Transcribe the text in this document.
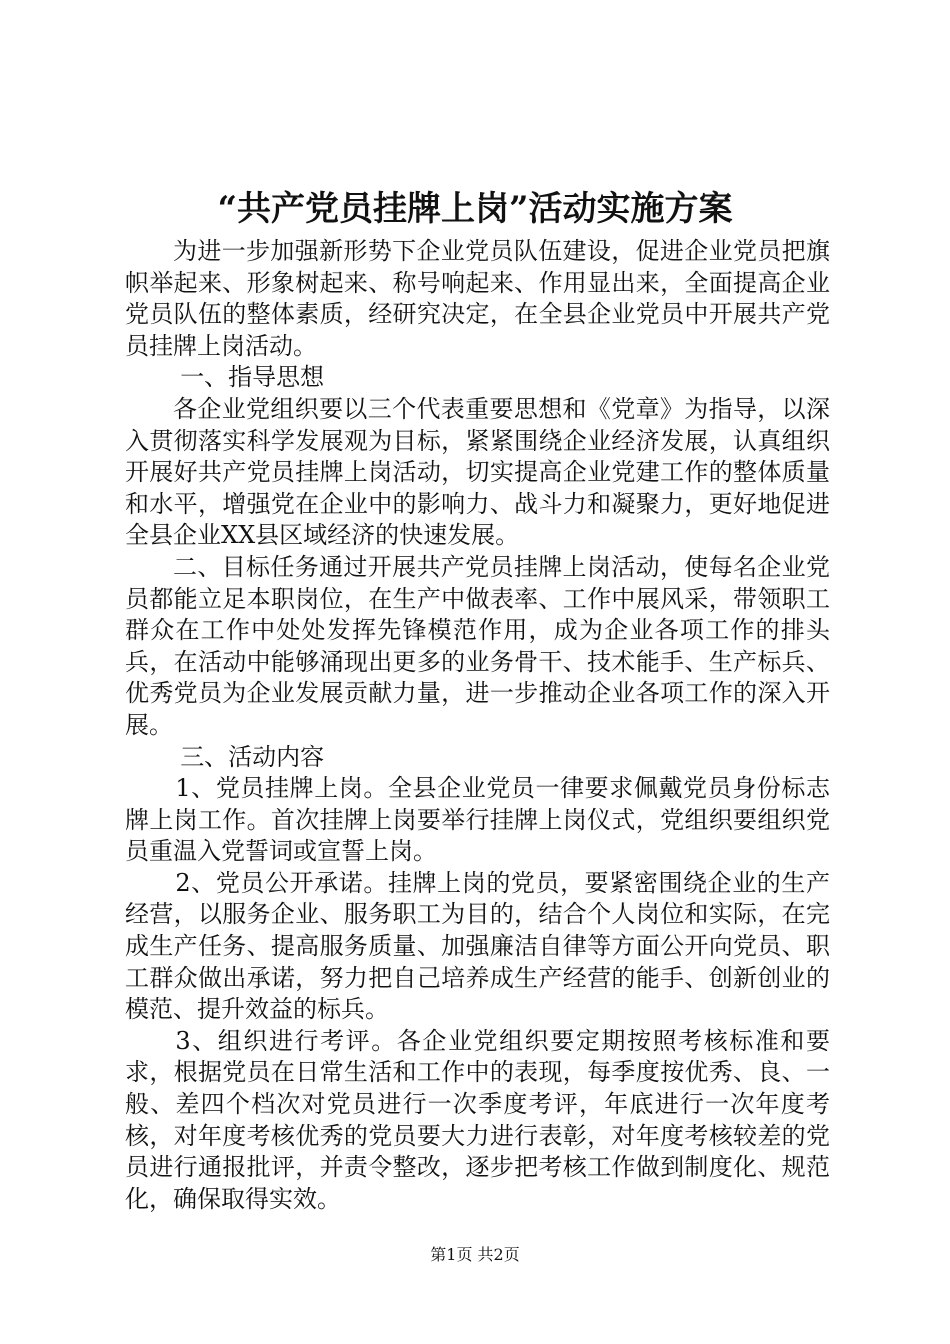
“共产党员挂牌上岗”活动实施方案

为进一步加强新形势下企业党员队伍建设，促进企业党员把旗帜举起来、形象树起来、称号响起来、作用显出来，全面提高企业党员队伍的整体素质，经研究决定，在全县企业党员中开展共产党员挂牌上岗活动。

一、指导思想

各企业党组织要以三个代表重要思想和《党章》为指导，以深入贯彻落实科学发展观为目标，紧紧围绕企业经济发展，认真组织开展好共产党员挂牌上岗活动，切实提高企业党建工作的整体质量和水平，增强党在企业中的影响力、战斗力和凝聚力，更好地促进全县企业XX县区域经济的快速发展。

二、目标任务通过开展共产党员挂牌上岗活动，使每名企业党员都能立足本职岗位，在生产中做表率、工作中展风采，带领职工群众在工作中处处发挥先锋模范作用，成为企业各项工作的排头兵，在活动中能够涌现出更多的业务骨干、技术能手、生产标兵、优秀党员为企业发展贡献力量，进一步推动企业各项工作的深入开展。

三、活动内容

1、党员挂牌上岗。全县企业党员一律要求佩戴党员身份标志牌上岗工作。首次挂牌上岗要举行挂牌上岗仪式，党组织要组织党员重温入党誓词或宣誓上岗。

2、党员公开承诺。挂牌上岗的党员，要紧密围绕企业的生产经营，以服务企业、服务职工为目的，结合个人岗位和实际，在完成生产任务、提高服务质量、加强廉洁自律等方面公开向党员、职工群众做出承诺，努力把自己培养成生产经营的能手、创新创业的模范、提升效益的标兵。

3、组织进行考评。各企业党组织要定期按照考核标准和要求，根据党员在日常生活和工作中的表现，每季度按优秀、良、一般、差四个档次对党员进行一次季度考评，年底进行一次年度考核，对年度考核优秀的党员要大力进行表彰，对年度考核较差的党员进行通报批评，并责令整改，逐步把考核工作做到制度化、规范化，确保取得实效。

第1页 共2页
